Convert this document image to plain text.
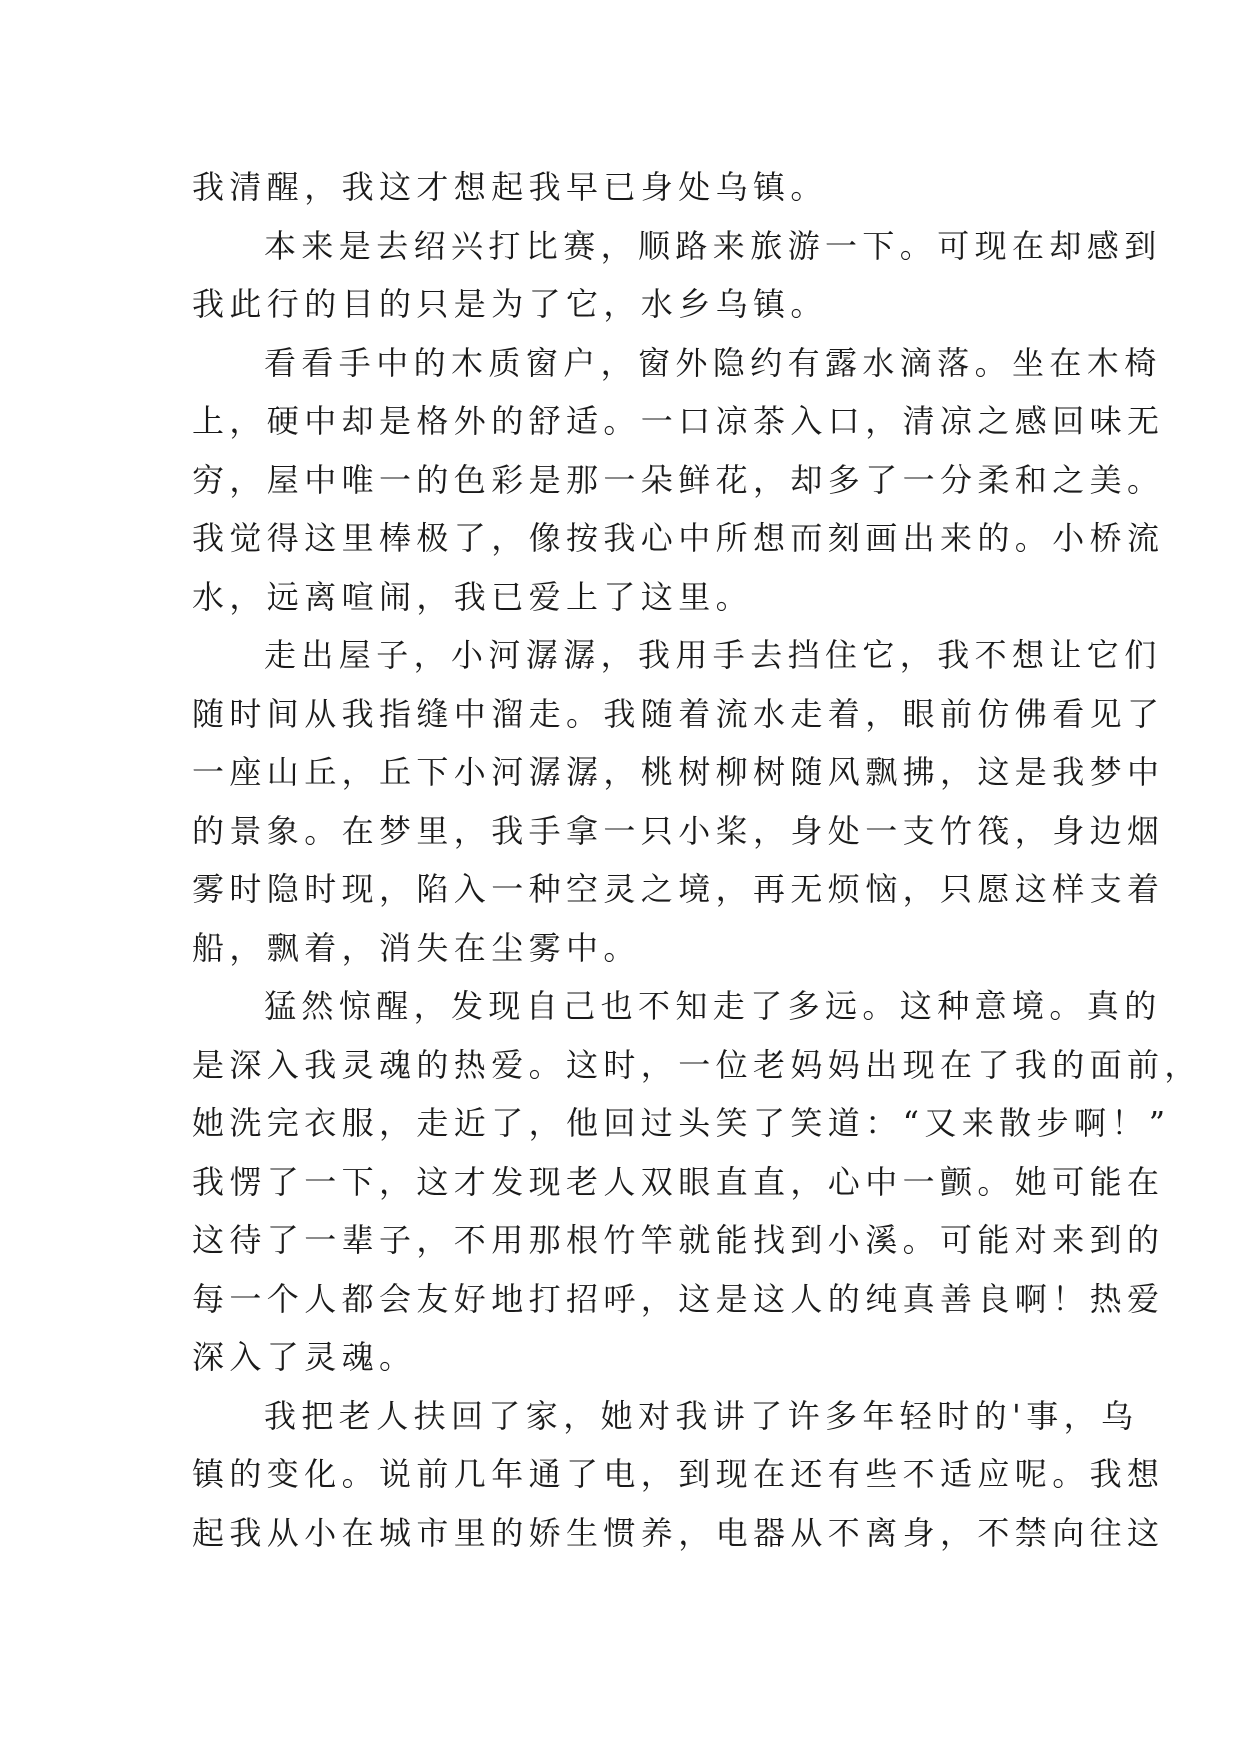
我清醒，我这才想起我早已身处乌镇。
本来是去绍兴打比赛，顺路来旅游一下。可现在却感到
我此行的目的只是为了它，水乡乌镇。
看看手中的木质窗户，窗外隐约有露水滴落。坐在木椅
上，硬中却是格外的舒适。一口凉茶入口，清凉之感回味无
穷，屋中唯一的色彩是那一朵鲜花，却多了一分柔和之美。
我觉得这里棒极了，像按我心中所想而刻画出来的。小桥流
水，远离喧闹，我已爱上了这里。
走出屋子，小河潺潺，我用手去挡住它，我不想让它们
随时间从我指缝中溜走。我随着流水走着，眼前仿佛看见了
一座山丘，丘下小河潺潺，桃树柳树随风飘拂，这是我梦中
的景象。在梦里，我手拿一只小桨，身处一支竹筏，身边烟
雾时隐时现，陷入一种空灵之境，再无烦恼，只愿这样支着
船，飘着，消失在尘雾中。
猛然惊醒，发现自己也不知走了多远。这种意境。真的
是深入我灵魂的热爱。这时，一位老妈妈出现在了我的面前，
她洗完衣服，走近了，他回过头笑了笑道：“又来散步啊！”
我愣了一下，这才发现老人双眼直直，心中一颤。她可能在
这待了一辈子，不用那根竹竿就能找到小溪。可能对来到的
每一个人都会友好地打招呼，这是这人的纯真善良啊！热爱
深入了灵魂。
我把老人扶回了家，她对我讲了许多年轻时的'事，乌
镇的变化。说前几年通了电，到现在还有些不适应呢。我想
起我从小在城市里的娇生惯养，电器从不离身，不禁向往这
